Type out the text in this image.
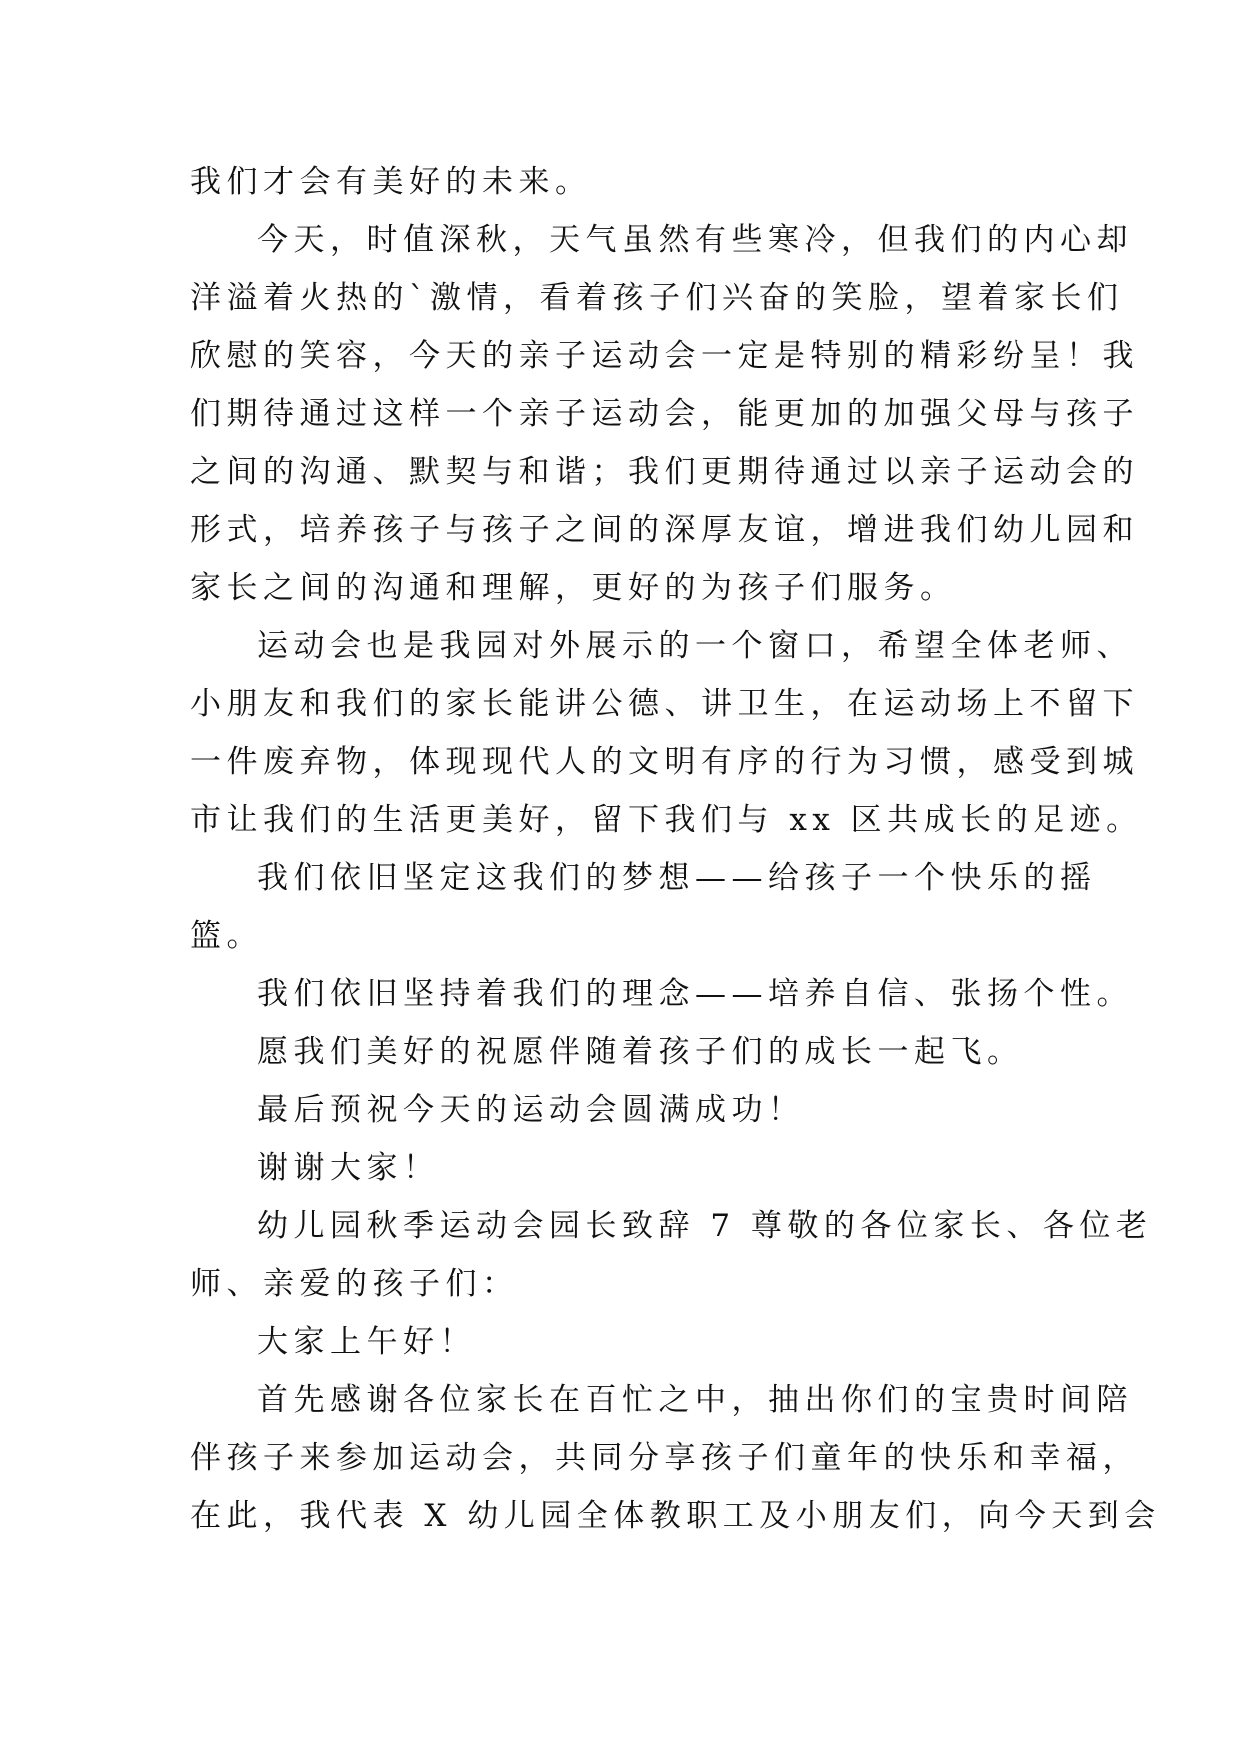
我们才会有美好的未来。
今天，时值深秋，天气虽然有些寒冷，但我们的内心却
洋溢着火热的`激情，看着孩子们兴奋的笑脸，望着家长们
欣慰的笑容，今天的亲子运动会一定是特别的精彩纷呈！我
们期待通过这样一个亲子运动会，能更加的加强父母与孩子
之间的沟通、默契与和谐；我们更期待通过以亲子运动会的
形式，培养孩子与孩子之间的深厚友谊，增进我们幼儿园和
家长之间的沟通和理解，更好的为孩子们服务。
运动会也是我园对外展示的一个窗口，希望全体老师、
小朋友和我们的家长能讲公德、讲卫生，在运动场上不留下
一件废弃物，体现现代人的文明有序的行为习惯，感受到城
市让我们的生活更美好，留下我们与 xx 区共成长的足迹。
我们依旧坚定这我们的梦想——给孩子一个快乐的摇
篮。
我们依旧坚持着我们的理念——培养自信、张扬个性。
愿我们美好的祝愿伴随着孩子们的成长一起飞。
最后预祝今天的运动会圆满成功！
谢谢大家！
幼儿园秋季运动会园长致辞 7 尊敬的各位家长、各位老
师、亲爱的孩子们：
大家上午好！
首先感谢各位家长在百忙之中，抽出你们的宝贵时间陪
伴孩子来参加运动会，共同分享孩子们童年的快乐和幸福，
在此，我代表 X 幼儿园全体教职工及小朋友们，向今天到会
